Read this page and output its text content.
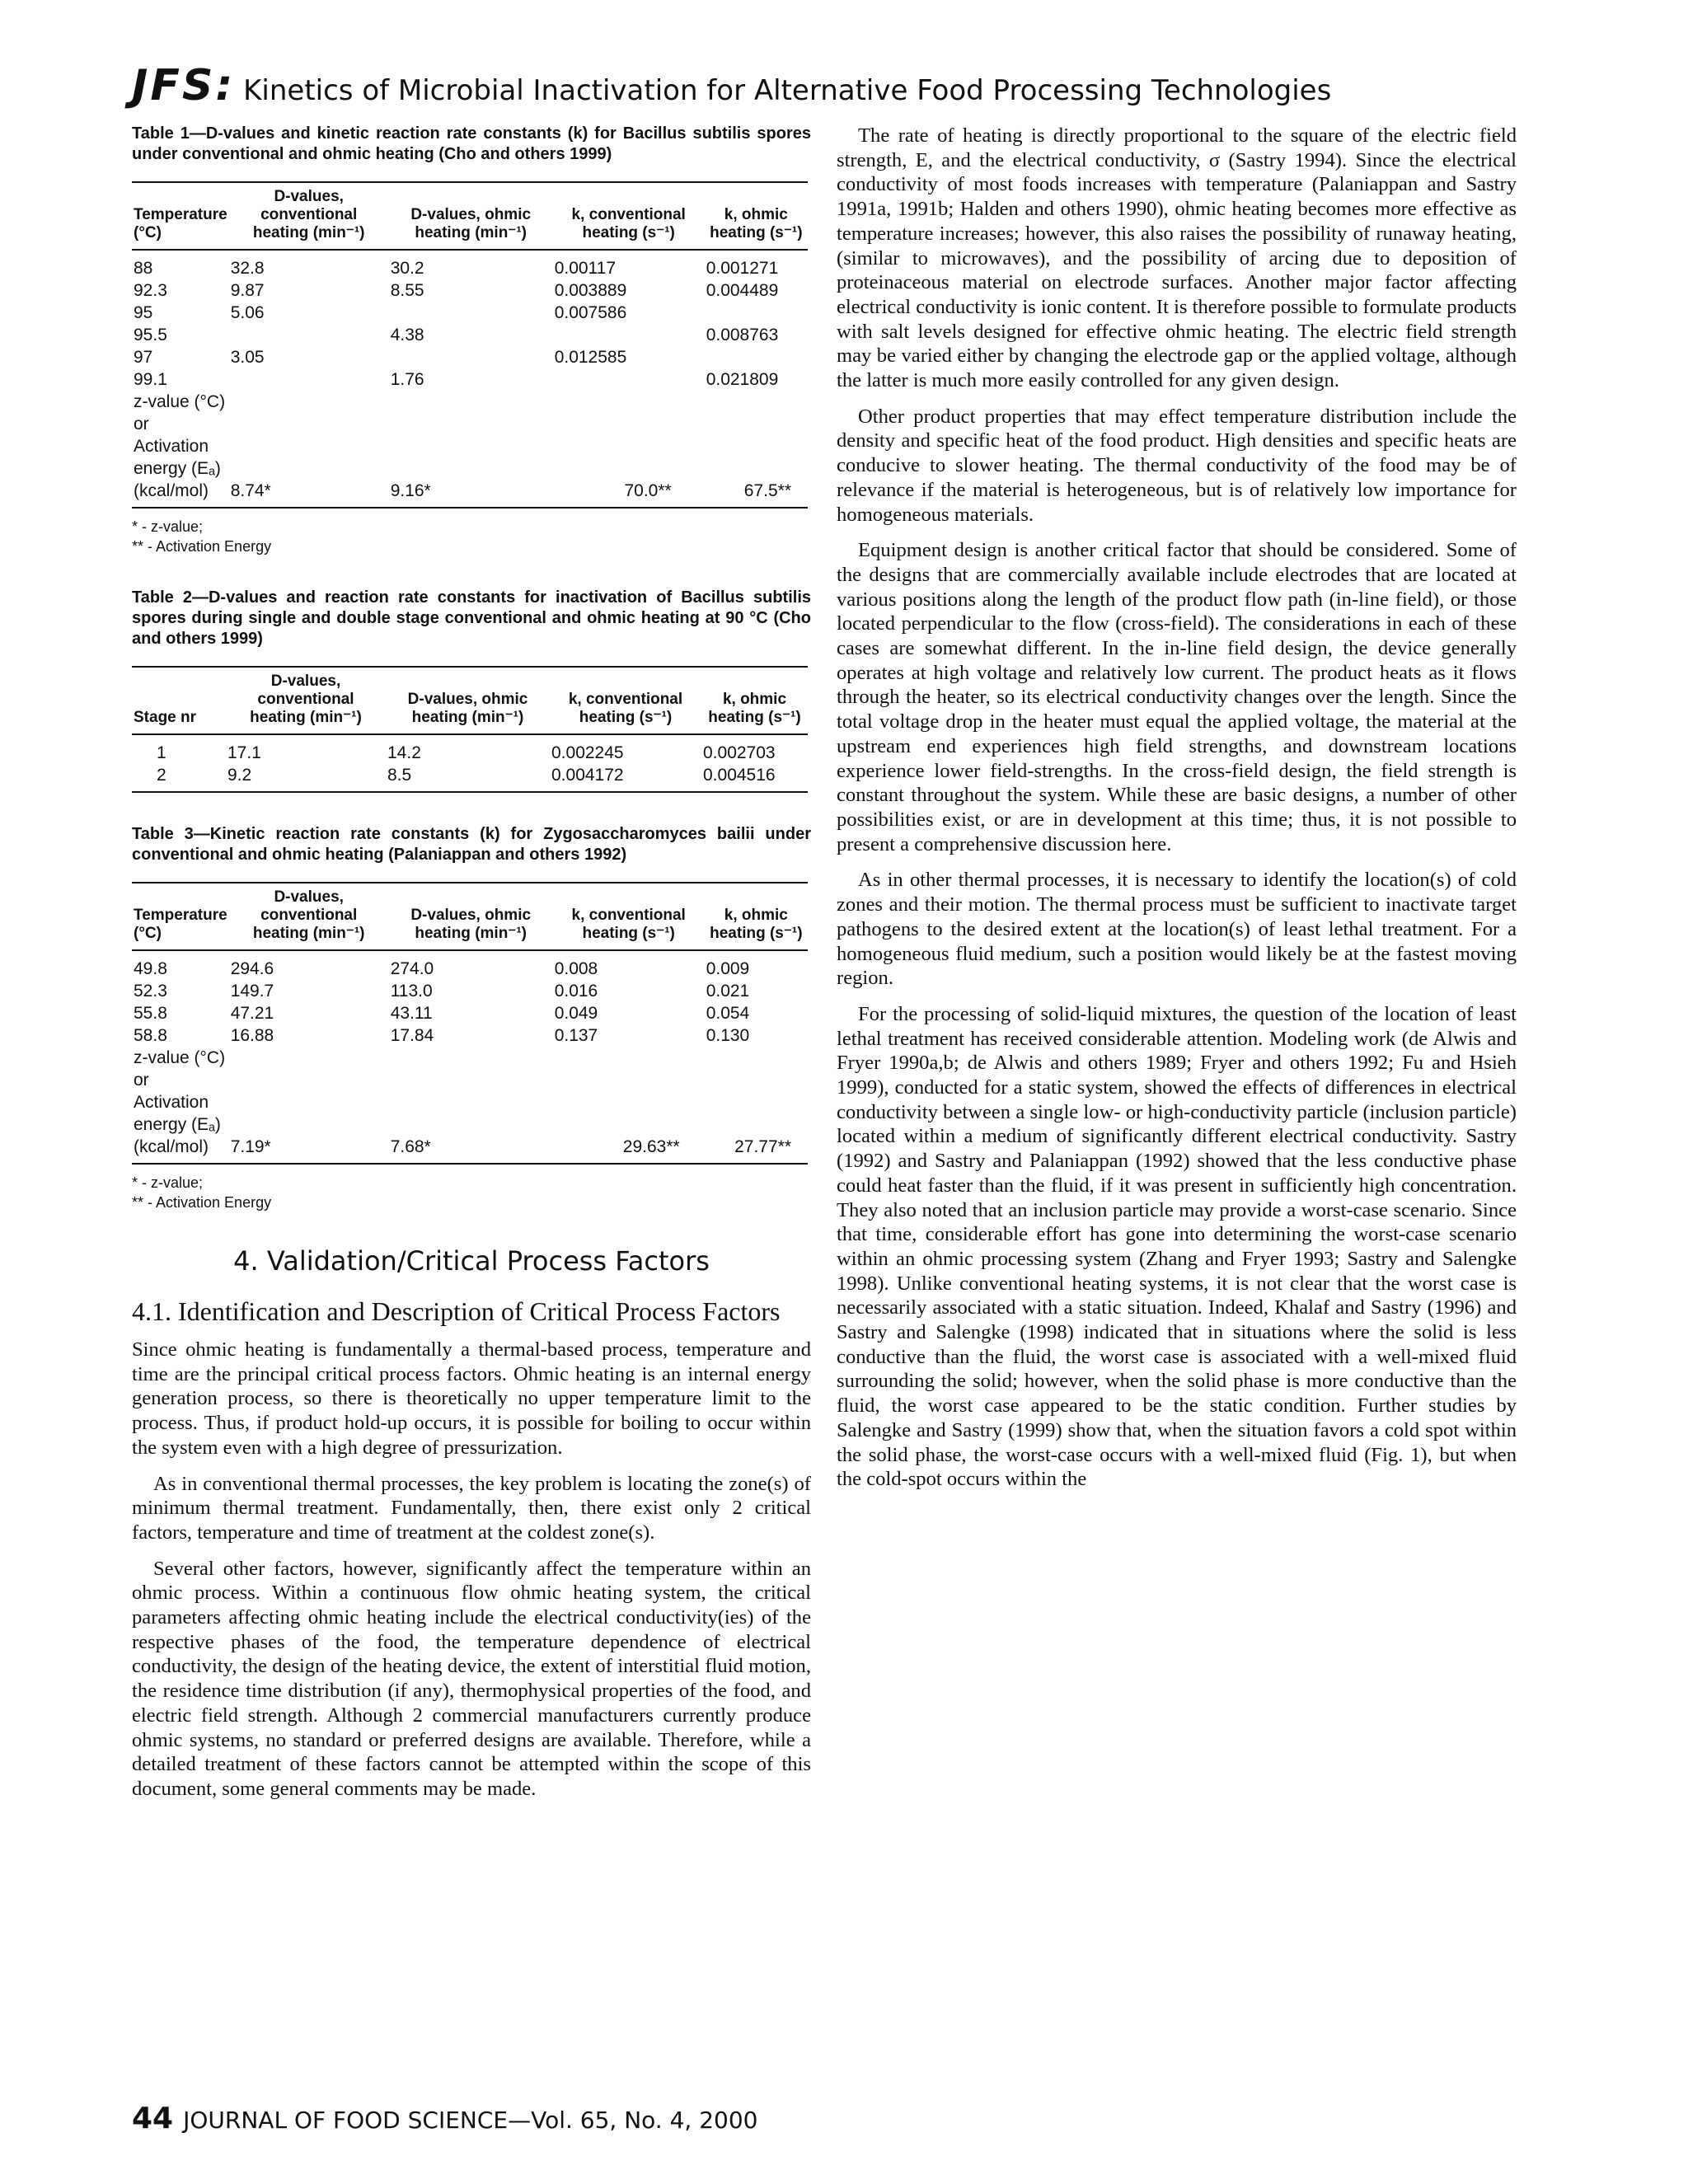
JFS: Kinetics of Microbial Inactivation for Alternative Food Processing Technologies
Table 1—D-values and kinetic reaction rate constants (k) for Bacillus subtilis spores under conventional and ohmic heating (Cho and others 1999)
Temperature (°C)	D-values, conventional heating (min⁻¹)	D-values, ohmic heating (min⁻¹)	k, conventional heating (s⁻¹)	k, ohmic heating (s⁻¹)
88	32.8	30.2	0.00117	0.001271
92.3	9.87	8.55	0.003889	0.004489
95	5.06		0.007586	
95.5		4.38		0.008763
97	3.05		0.012585	
99.1		1.76		0.021809
z-value (°C) or Activation energy (Eₐ)(kcal/mol)	8.74*	9.16*	70.0**	67.5**
* - z-value;
** - Activation Energy
Table 2—D-values and reaction rate constants for inactivation of Bacillus subtilis spores during single and double stage conventional and ohmic heating at 90 °C (Cho and others 1999)
Stage nr	D-values, conventional heating (min⁻¹)	D-values, ohmic heating (min⁻¹)	k, conventional heating (s⁻¹)	k, ohmic heating (s⁻¹)
1	17.1	14.2	0.002245	0.002703
2	9.2	8.5	0.004172	0.004516
Table 3—Kinetic reaction rate constants (k) for Zygosaccharomyces bailii under conventional and ohmic heating (Palaniappan and others 1992)
Temperature (°C)	D-values, conventional heating (min⁻¹)	D-values, ohmic heating (min⁻¹)	k, conventional heating (s⁻¹)	k, ohmic heating (s⁻¹)
49.8	294.6	274.0	0.008	0.009
52.3	149.7	113.0	0.016	0.021
55.8	47.21	43.11	0.049	0.054
58.8	16.88	17.84	0.137	0.130
z-value (°C) or Activation energy (Eₐ)(kcal/mol)	7.19*	7.68*	29.63**	27.77**
* - z-value;
** - Activation Energy
4. Validation/Critical Process Factors
4.1. Identification and Description of Critical Process Factors

Since ohmic heating is fundamentally a thermal-based process, temperature and time are the principal critical process factors. Ohmic heating is an internal energy generation process, so there is theoretically no upper temperature limit to the process. Thus, if product hold-up occurs, it is possible for boiling to occur within the system even with a high degree of pressurization.

As in conventional thermal processes, the key problem is locating the zone(s) of minimum thermal treatment. Fundamentally, then, there exist only 2 critical factors, temperature and time of treatment at the coldest zone(s).

Several other factors, however, significantly affect the temperature within an ohmic process. Within a continuous flow ohmic heating system, the critical parameters affecting ohmic heating include the electrical conductivity(ies) of the respective phases of the food, the temperature dependence of electrical conductivity, the design of the heating device, the extent of interstitial fluid motion, the residence time distribution (if any), thermophysical properties of the food, and electric field strength. Although 2 commercial manufacturers currently produce ohmic systems, no standard or preferred designs are available. Therefore, while a detailed treatment of these factors cannot be attempted within the scope of this document, some general comments may be made.

The rate of heating is directly proportional to the square of the electric field strength, E, and the electrical conductivity, σ (Sastry 1994). Since the electrical conductivity of most foods increases with temperature (Palaniappan and Sastry 1991a, 1991b; Halden and others 1990), ohmic heating becomes more effective as temperature increases; however, this also raises the possibility of runaway heating, (similar to microwaves), and the possibility of arcing due to deposition of proteinaceous material on electrode surfaces. Another major factor affecting electrical conductivity is ionic content. It is therefore possible to formulate products with salt levels designed for effective ohmic heating. The electric field strength may be varied either by changing the electrode gap or the applied voltage, although the latter is much more easily controlled for any given design.

Other product properties that may effect temperature distribution include the density and specific heat of the food product. High densities and specific heats are conducive to slower heating. The thermal conductivity of the food may be of relevance if the material is heterogeneous, but is of relatively low importance for homogeneous materials.

Equipment design is another critical factor that should be considered. Some of the designs that are commercially available include electrodes that are located at various positions along the length of the product flow path (in-line field), or those located perpendicular to the flow (cross-field). The considerations in each of these cases are somewhat different. In the in-line field design, the device generally operates at high voltage and relatively low current. The product heats as it flows through the heater, so its electrical conductivity changes over the length. Since the total voltage drop in the heater must equal the applied voltage, the material at the upstream end experiences high field strengths, and downstream locations experience lower field-strengths. In the cross-field design, the field strength is constant throughout the system. While these are basic designs, a number of other possibilities exist, or are in development at this time; thus, it is not possible to present a comprehensive discussion here.

As in other thermal processes, it is necessary to identify the location(s) of cold zones and their motion. The thermal process must be sufficient to inactivate target pathogens to the desired extent at the location(s) of least lethal treatment. For a homogeneous fluid medium, such a position would likely be at the fastest moving region.

For the processing of solid-liquid mixtures, the question of the location of least lethal treatment has received considerable attention. Modeling work (de Alwis and Fryer 1990a,b; de Alwis and others 1989; Fryer and others 1992; Fu and Hsieh 1999), conducted for a static system, showed the effects of differences in electrical conductivity between a single low- or high-conductivity particle (inclusion particle) located within a medium of significantly different electrical conductivity. Sastry (1992) and Sastry and Palaniappan (1992) showed that the less conductive phase could heat faster than the fluid, if it was present in sufficiently high concentration. They also noted that an inclusion particle may provide a worst-case scenario. Since that time, considerable effort has gone into determining the worst-case scenario within an ohmic processing system (Zhang and Fryer 1993; Sastry and Salengke 1998). Unlike conventional heating systems, it is not clear that the worst case is necessarily associated with a static situation. Indeed, Khalaf and Sastry (1996) and Sastry and Salengke (1998) indicated that in situations where the solid is less conductive than the fluid, the worst case is associated with a well-mixed fluid surrounding the solid; however, when the solid phase is more conductive than the fluid, the worst case appeared to be the static condition. Further studies by Salengke and Sastry (1999) show that, when the situation favors a cold spot within the solid phase, the worst-case occurs with a well-mixed fluid (Fig. 1), but when the cold-spot occurs within the

44 JOURNAL OF FOOD SCIENCE—Vol. 65, No. 4, 2000
